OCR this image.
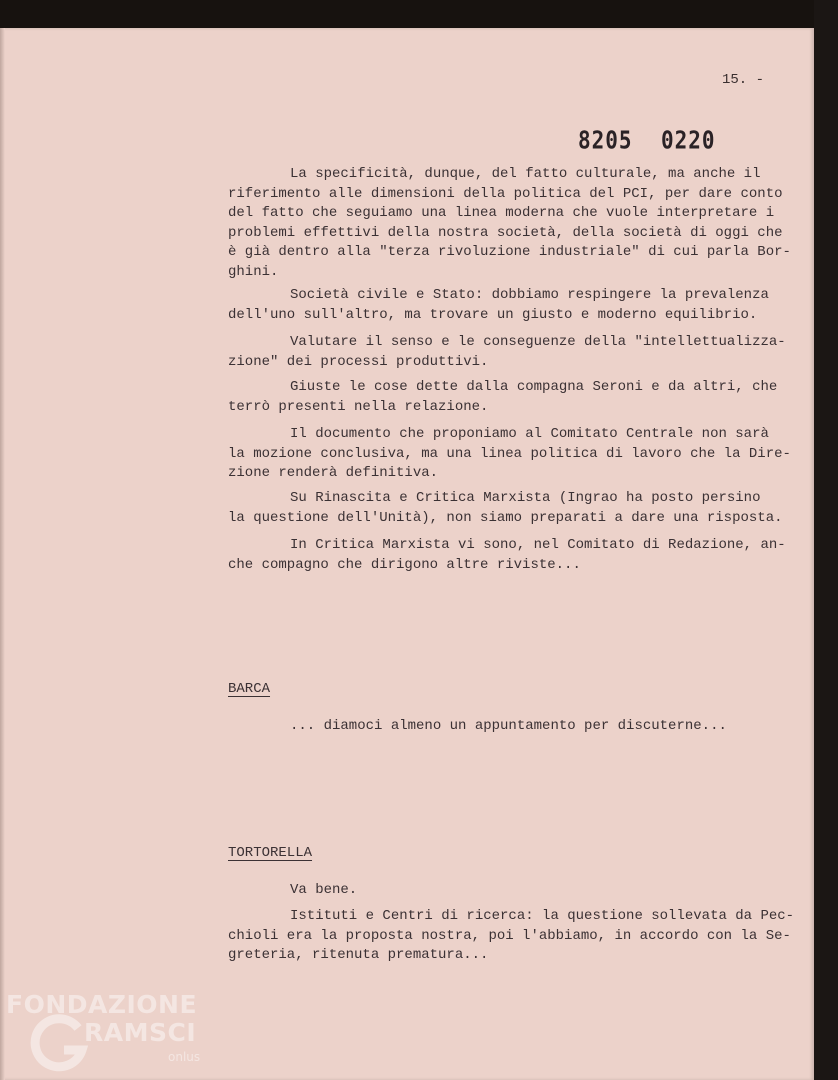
15. -
8205 0220
La specificità, dunque, del fatto culturale, ma anche il
riferimento alle dimensioni della politica del PCI, per dare conto
del fatto che seguiamo una linea moderna che vuole interpretare i
problemi effettivi della nostra società, della società di oggi che
è già dentro alla "terza rivoluzione industriale" di cui parla Bor-
ghini.
Società civile e Stato: dobbiamo respingere la prevalenza
dell'uno sull'altro, ma trovare un giusto e moderno equilibrio.
Valutare il senso e le conseguenze della "intellettualizza-
zione" dei processi produttivi.
Giuste le cose dette dalla compagna Seroni e da altri, che
terrò presenti nella relazione.
Il documento che proponiamo al Comitato Centrale non sarà
la mozione conclusiva, ma una linea politica di lavoro che la Dire-
zione renderà definitiva.
Su Rinascita e Critica Marxista (Ingrao ha posto persino
la questione dell'Unità), non siamo preparati a dare una risposta.
In Critica Marxista vi sono, nel Comitato di Redazione, an-
che compagno che dirigono altre riviste...
BARCA
... diamoci almeno un appuntamento per discuterne...
TORTORELLA
Va bene.
Istituti e Centri di ricerca: la questione sollevata da Pec-
chioli era la proposta nostra, poi l'abbiamo, in accordo con la Se-
greteria, ritenuta prematura...
FONDAZIONE
RAMSCI
onlus
